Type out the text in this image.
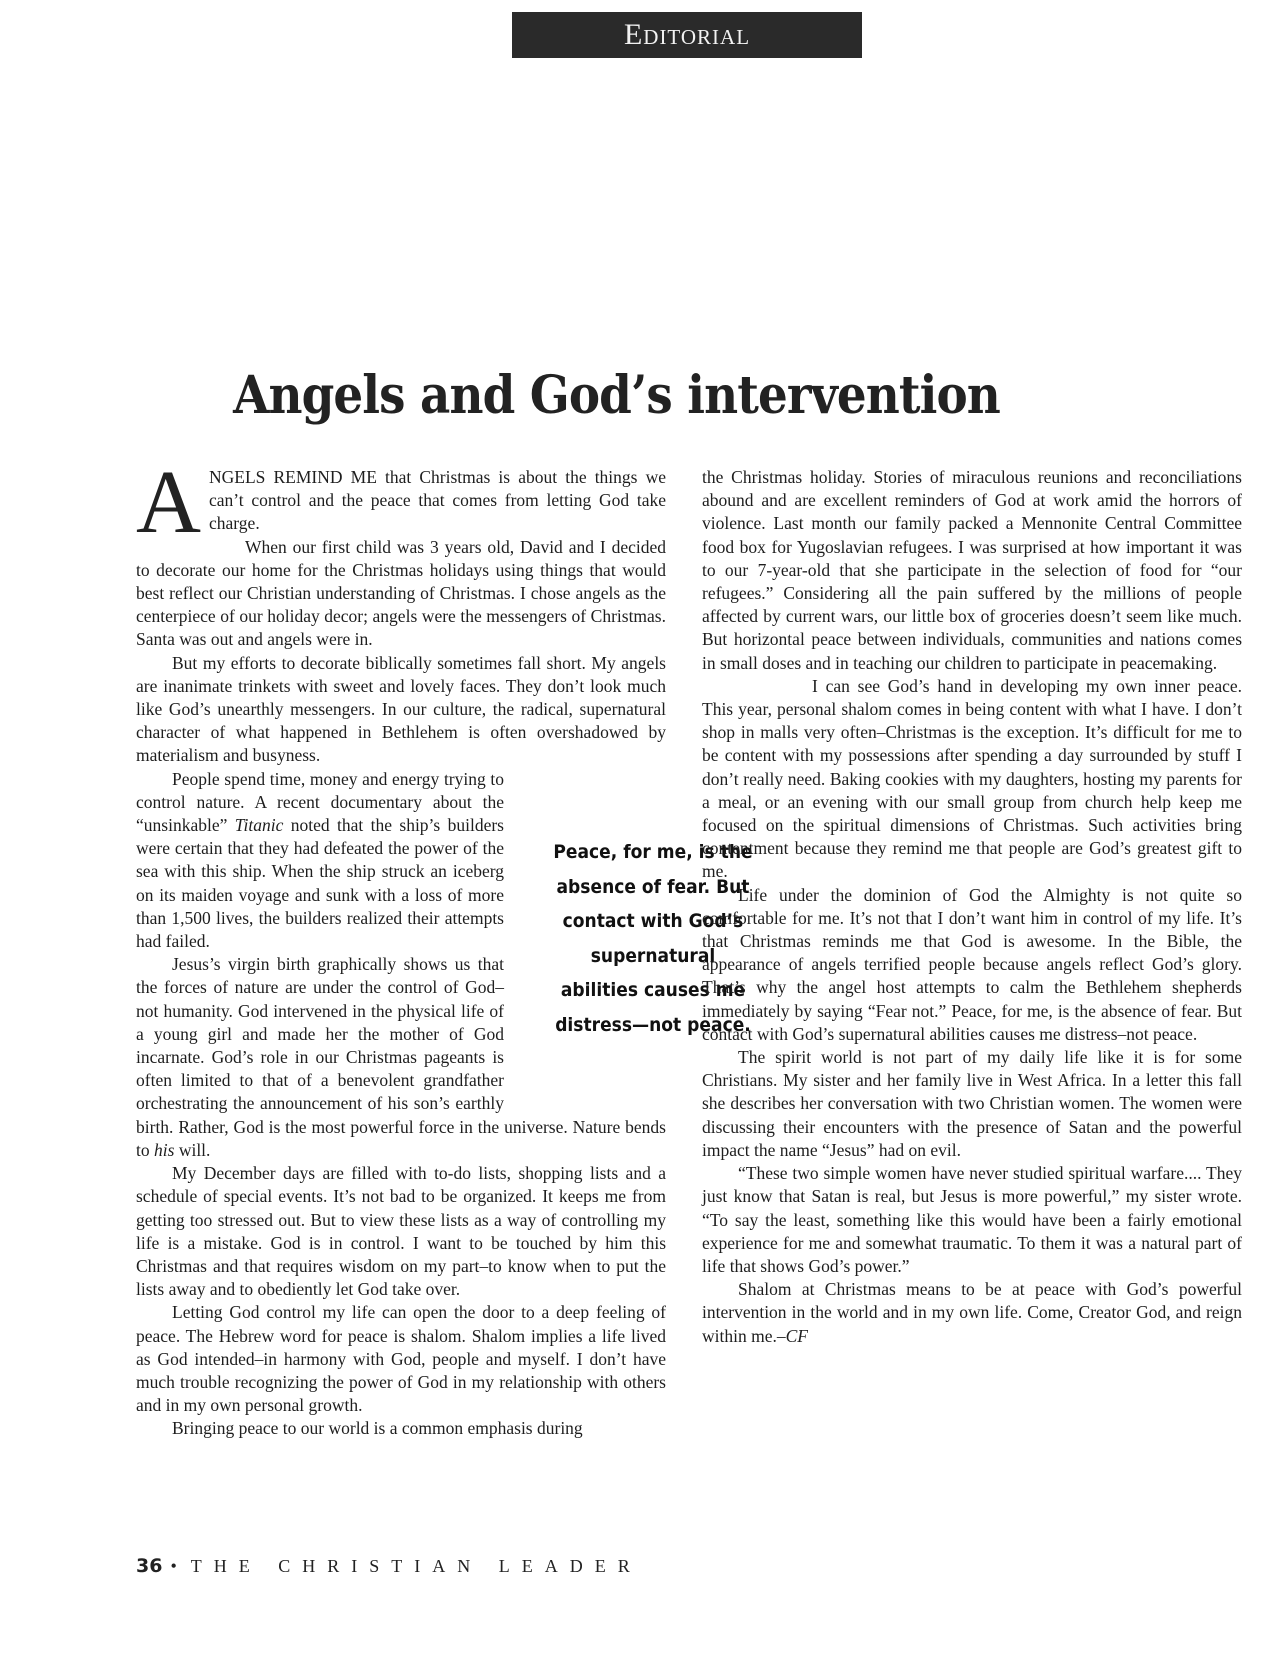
Editorial
Angels and God’s intervention

ANGELS REMIND ME that Christmas is about the things we can’t control and the peace that comes from letting God take charge.

When our first child was 3 years old, David and I decided to decorate our home for the Christmas holidays using things that would best reflect our Christian understanding of Christmas. I chose angels as the centerpiece of our holiday decor; angels were the messengers of Christmas. Santa was out and angels were in.

But my efforts to decorate biblically sometimes fall short. My angels are inanimate trinkets with sweet and lovely faces. They don’t look much like God’s unearthly messengers. In our culture, the radical, supernatural character of what happened in Bethlehem is often overshadowed by materialism and busyness.

People spend time, money and energy trying to control nature. A recent documentary about the “unsinkable” Titanic noted that the ship’s builders were certain that they had defeated the power of the sea with this ship. When the ship struck an iceberg on its maiden voyage and sunk with a loss of more than 1,500 lives, the builders realized their attempts had failed.

Jesus’s virgin birth graphically shows us that the forces of nature are under the control of God–not humanity. God intervened in the physical life of a young girl and made her the mother of God incarnate. God’s role in our Christmas pageants is often limited to that of a benevolent grandfather orchestrating the announcement of his son’s earthly birth. Rather, God is the most powerful force in the universe. Nature bends to his will.

My December days are filled with to-do lists, shopping lists and a schedule of special events. It’s not bad to be organized. It keeps me from getting too stressed out. But to view these lists as a way of controlling my life is a mistake. God is in control. I want to be touched by him this Christmas and that requires wisdom on my part–to know when to put the lists away and to obediently let God take over.

Letting God control my life can open the door to a deep feeling of peace. The Hebrew word for peace is shalom. Shalom implies a life lived as God intended–in harmony with God, people and myself. I don’t have much trouble recognizing the power of God in my relationship with others and in my own personal growth.

Bringing peace to our world is a common emphasis during

Peace, for me, is the absence of fear. But contact with God’s supernatural abilities causes me distress—not peace.

the Christmas holiday. Stories of miraculous reunions and reconciliations abound and are excellent reminders of God at work amid the horrors of violence. Last month our family packed a Mennonite Central Committee food box for Yugoslavian refugees. I was surprised at how important it was to our 7-year-old that she participate in the selection of food for “our refugees.” Considering all the pain suffered by the millions of people affected by current wars, our little box of groceries doesn’t seem like much. But horizontal peace between individuals, communities and nations comes in small doses and in teaching our children to participate in peacemaking.

I can see God’s hand in developing my own inner peace. This year, personal shalom comes in being content with what I have. I don’t shop in malls very often–Christmas is the exception. It’s difficult for me to be content with my possessions after spending a day surrounded by stuff I don’t really need. Baking cookies with my daughters, hosting my parents for a meal, or an evening with our small group from church help keep me focused on the spiritual dimensions of Christmas. Such activities bring contentment because they remind me that people are God’s greatest gift to me.

Life under the dominion of God the Almighty is not quite so comfortable for me. It’s not that I don’t want him in control of my life. It’s that Christmas reminds me that God is awesome. In the Bible, the appearance of angels terrified people because angels reflect God’s glory. That’s why the angel host attempts to calm the Bethlehem shepherds immediately by saying “Fear not.” Peace, for me, is the absence of fear. But contact with God’s supernatural abilities causes me distress–not peace.

The spirit world is not part of my daily life like it is for some Christians. My sister and her family live in West Africa. In a letter this fall she describes her conversation with two Christian women. The women were discussing their encounters with the presence of Satan and the powerful impact the name “Jesus” had on evil.

“These two simple women have never studied spiritual warfare.... They just know that Satan is real, but Jesus is more powerful,” my sister wrote. “To say the least, something like this would have been a fairly emotional experience for me and somewhat traumatic. To them it was a natural part of life that shows God’s power.”

Shalom at Christmas means to be at peace with God’s powerful intervention in the world and in my own life. Come, Creator God, and reign within me.–CF

36 • THE CHRISTIAN LEADER
